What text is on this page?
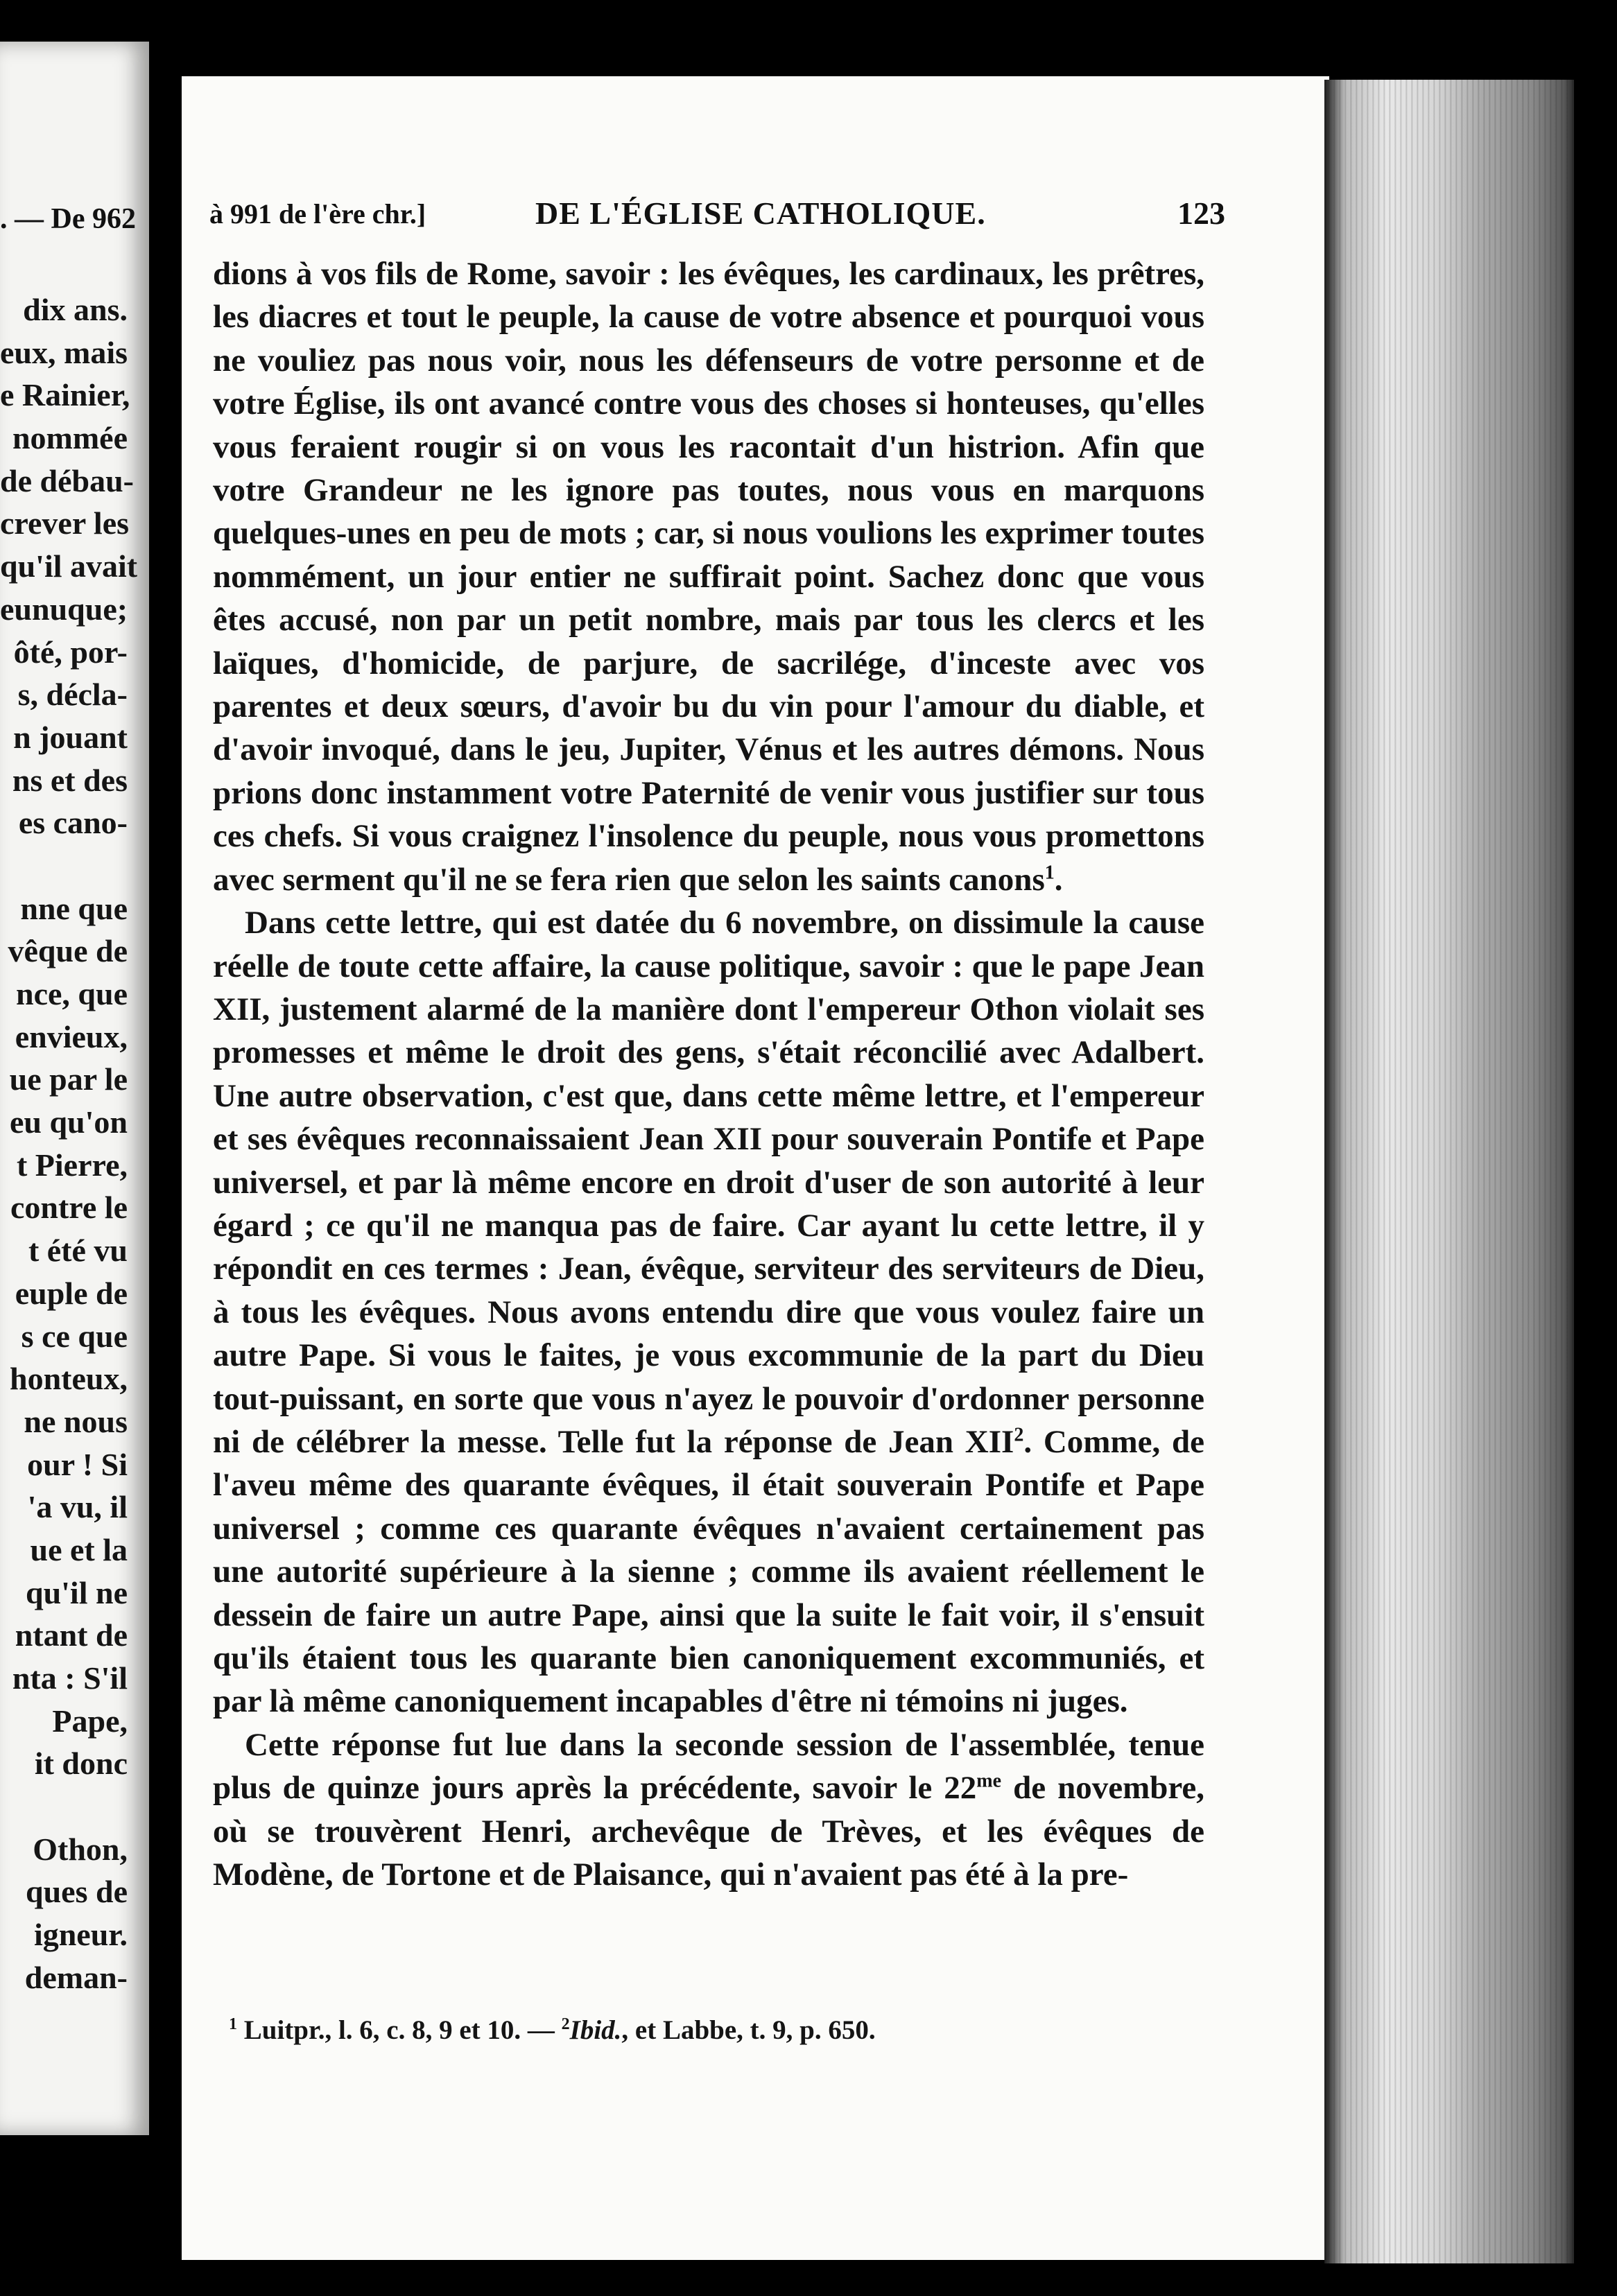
. — De 962
dix ans.
eux, mais
e Rainier,
nommée
de débau-
crever les
qu'il avait
eunuque;
ôté, por-
s, décla-
n jouant
ns et des
es cano-
nne que
vêque de
nce, que
envieux,
ue par le
eu qu'on
t Pierre,
contre le
t été vu
euple de
s ce que
honteux,
ne nous
our ! Si
'a vu, il
ue et la
qu'il ne
ntant de
nta : S'il
Pape,
it donc
Othon,
ques de
igneur.
deman-
à 991 de l'ère chr.]	DE L'ÉGLISE CATHOLIQUE.	123

dions à vos fils de Rome, savoir : les évêques, les cardinaux, les prêtres, les diacres et tout le peuple, la cause de votre absence et pourquoi vous ne vouliez pas nous voir, nous les défenseurs de votre personne et de votre Église, ils ont avancé contre vous des choses si honteuses, qu'elles vous feraient rougir si on vous les racontait d'un histrion. Afin que votre Grandeur ne les ignore pas toutes, nous vous en marquons quelques-unes en peu de mots ; car, si nous voulions les exprimer toutes nommément, un jour entier ne suffirait point. Sachez donc que vous êtes accusé, non par un petit nombre, mais par tous les clercs et les laïques, d'homicide, de parjure, de sacrilége, d'inceste avec vos parentes et deux sœurs, d'avoir bu du vin pour l'amour du diable, et d'avoir invoqué, dans le jeu, Jupiter, Vénus et les autres démons. Nous prions donc instamment votre Paternité de venir vous justifier sur tous ces chefs. Si vous craignez l'insolence du peuple, nous vous promettons avec serment qu'il ne se fera rien que selon les saints canons$^1$.

Dans cette lettre, qui est datée du 6 novembre, on dissimule la cause réelle de toute cette affaire, la cause politique, savoir : que le pape Jean XII, justement alarmé de la manière dont l'empereur Othon violait ses promesses et même le droit des gens, s'était réconcilié avec Adalbert. Une autre observation, c'est que, dans cette même lettre, et l'empereur et ses évêques reconnaissaient Jean XII pour souverain Pontife et Pape universel, et par là même encore en droit d'user de son autorité à leur égard ; ce qu'il ne manqua pas de faire. Car ayant lu cette lettre, il y répondit en ces termes : Jean, évêque, serviteur des serviteurs de Dieu, à tous les évêques. Nous avons entendu dire que vous voulez faire un autre Pape. Si vous le faites, je vous excommunie de la part du Dieu tout-puissant, en sorte que vous n'ayez le pouvoir d'ordonner personne ni de célébrer la messe. Telle fut la réponse de Jean XII$^2$. Comme, de l'aveu même des quarante évêques, il était souverain Pontife et Pape universel ; comme ces quarante évêques n'avaient certainement pas une autorité supérieure à la sienne ; comme ils avaient réellement le dessein de faire un autre Pape, ainsi que la suite le fait voir, il s'ensuit qu'ils étaient tous les quarante bien canoniquement excommuniés, et par là même canoniquement incapables d'être ni témoins ni juges.

Cette réponse fut lue dans la seconde session de l'assemblée, tenue plus de quinze jours après la précédente, savoir le $22^{me}$ de novembre, où se trouvèrent Henri, archevêque de Trèves, et les évêques de Modène, de Tortone et de Plaisance, qui n'avaient pas été à la pre-

$^1$ Luitpr., l. 6, c. 8, 9 et 10. — $^2$Ibid., et Labbe, t. 9, p. 650.
